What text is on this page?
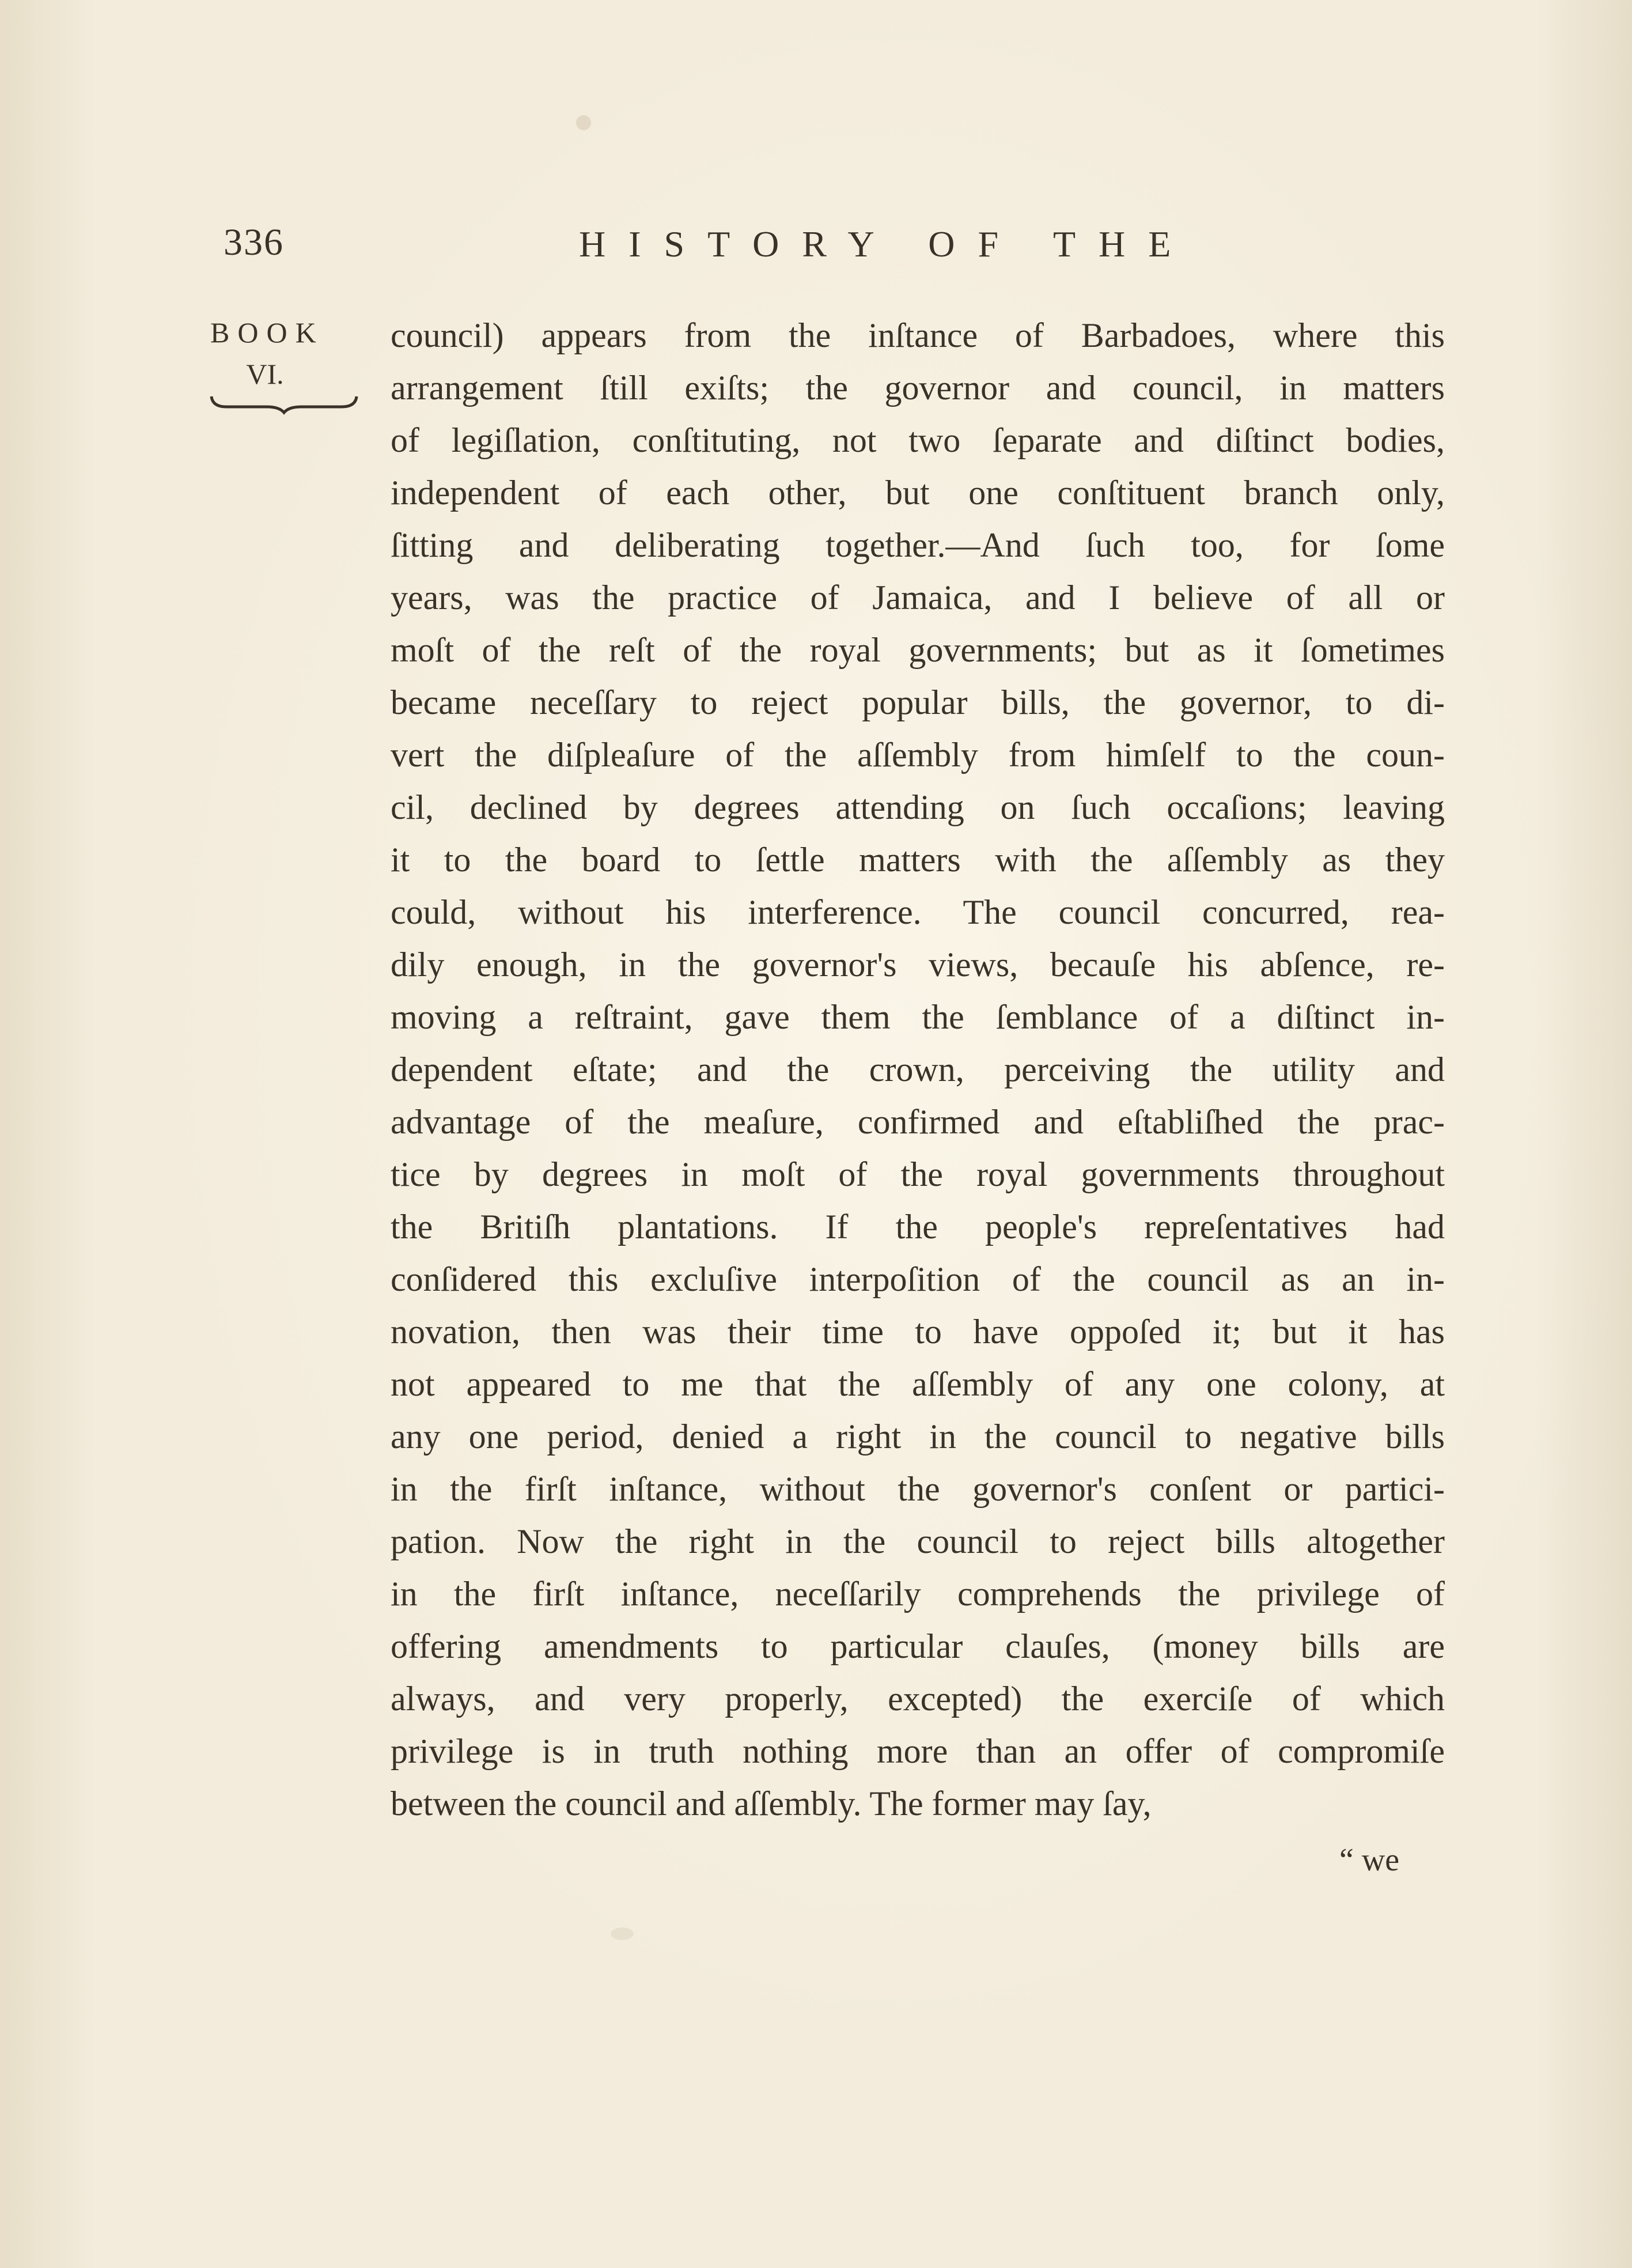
336	HISTORY OF THE
BOOK
VI.
council) appears from the inſtance of Barbadoes, where this
arrangement ſtill exiſts; the governor and council, in matters
of legiſlation, conſtituting, not two ſeparate and diſtinct bodies,
independent of each other, but one conſtituent branch only,
ſitting and deliberating together.—And ſuch too, for ſome
years, was the practice of Jamaica, and I believe of all or
moſt of the reſt of the royal governments; but as it ſometimes
became neceſſary to reject popular bills, the governor, to di-
vert the diſpleaſure of the aſſembly from himſelf to the coun-
cil, declined by degrees attending on ſuch occaſions; leaving
it to the board to ſettle matters with the aſſembly as they
could, without his interference. The council concurred, rea-
dily enough, in the governor's views, becauſe his abſence, re-
moving a reſtraint, gave them the ſemblance of a diſtinct in-
dependent eſtate; and the crown, perceiving the utility and
advantage of the meaſure, confirmed and eſtabliſhed the prac-
tice by degrees in moſt of the royal governments throughout
the Britiſh plantations. If the people's repreſentatives had
conſidered this excluſive interpoſition of the council as an in-
novation, then was their time to have oppoſed it; but it has
not appeared to me that the aſſembly of any one colony, at
any one period, denied a right in the council to negative bills
in the firſt inſtance, without the governor's conſent or partici-
pation. Now the right in the council to reject bills altogether
in the firſt inſtance, neceſſarily comprehends the privilege of
offering amendments to particular clauſes, (money bills are
always, and very properly, excepted) the exerciſe of which
privilege is in truth nothing more than an offer of compromiſe
between the council and aſſembly. The former may ſay,
“ we
